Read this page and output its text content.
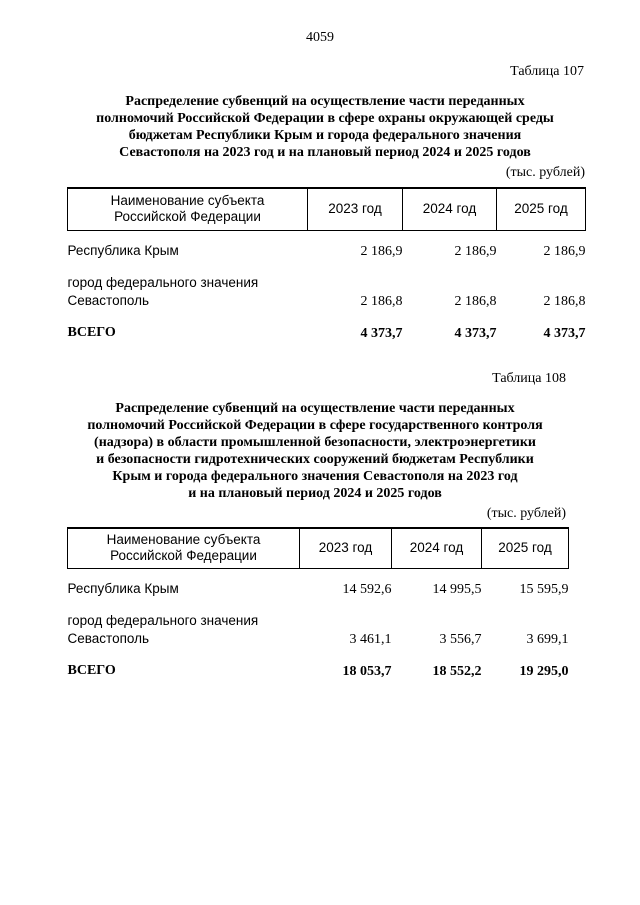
4059
Таблица 107
Распределение субвенций на осуществление части переданных
полномочий Российской Федерации в сфере охраны окружающей среды
бюджетам Республики Крым и города федерального значения
Севастополя на 2023 год и на плановый период 2024 и 2025 годов
(тыс. рублей)
Наименование субъекта
Российской Федерации	2023 год	2024 год	2025 год

Республика Крым	2 186,9	2 186,9	2 186,9

город федерального значения
Севастополь	2 186,8	2 186,8	2 186,8
ВСЕГО	4 373,7	4 373,7	4 373,7
Таблица 108
Распределение субвенций на осуществление части переданных
полномочий Российской Федерации в сфере государственного контроля
(надзора) в области промышленной безопасности, электроэнергетики
и безопасности гидротехнических сооружений бюджетам Республики
Крым и города федерального значения Севастополя на 2023 год
и на плановый период 2024 и 2025 годов
(тыс. рублей)
Наименование субъекта
Российской Федерации	2023 год	2024 год	2025 год

Республика Крым	14 592,6	14 995,5	15 595,9

город федерального значения
Севастополь	3 461,1	3 556,7	3 699,1
ВСЕГО	18 053,7	18 552,2	19 295,0
